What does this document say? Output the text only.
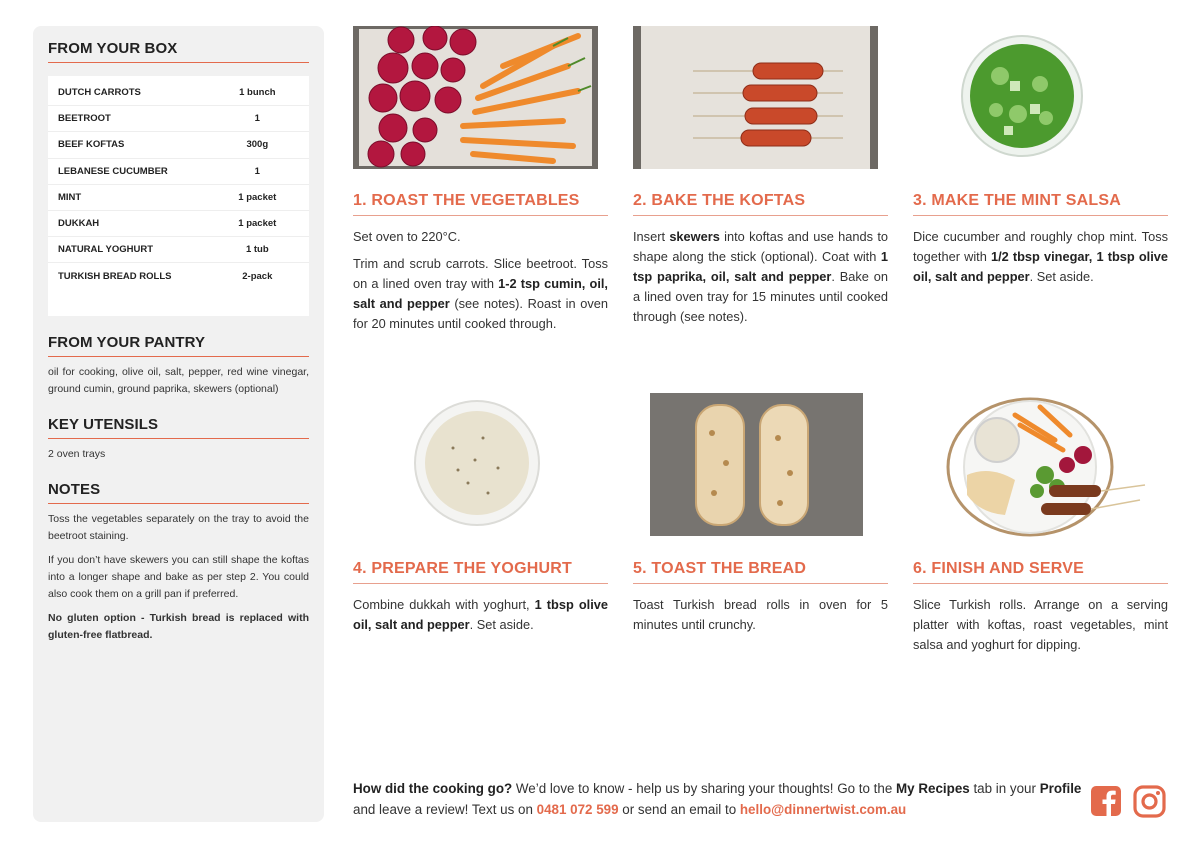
FROM YOUR BOX
DUTCH CARROTS	1 bunch
BEETROOT	1
BEEF KOFTAS	300g
LEBANESE CUCUMBER	1
MINT	1 packet
DUKKAH	1 packet
NATURAL YOGHURT	1 tub
TURKISH BREAD ROLLS	2-pack
FROM YOUR PANTRY

oil for cooking, olive oil, salt, pepper, red wine vinegar, ground cumin, ground paprika, skewers (optional)

KEY UTENSILS

2 oven trays

NOTES

Toss the vegetables separately on the tray to avoid the beetroot staining.

If you don’t have skewers you can still shape the koftas into a longer shape and bake as per step 2. You could also cook them on a grill pan if preferred.

No gluten option - Turkish bread is replaced with gluten-free flatbread.

1. ROAST THE VEGETABLES

Set oven to 220°C.

Trim and scrub carrots. Slice beetroot. Toss on a lined oven tray with 1-2 tsp cumin, oil, salt and pepper (see notes). Roast in oven for 20 minutes until cooked through.

2. BAKE THE KOFTAS

Insert skewers into koftas and use hands to shape along the stick (optional). Coat with 1 tsp paprika, oil, salt and pepper. Bake on a lined oven tray for 15 minutes until cooked through (see notes).

3. MAKE THE MINT SALSA

Dice cucumber and roughly chop mint. Toss together with 1/2 tbsp vinegar, 1 tbsp olive oil, salt and pepper. Set aside.

4. PREPARE THE YOGHURT

Combine dukkah with yoghurt, 1 tbsp olive oil, salt and pepper. Set aside.

5. TOAST THE BREAD

Toast Turkish bread rolls in oven for 5 minutes until crunchy.

6. FINISH AND SERVE

Slice Turkish rolls. Arrange on a serving platter with koftas, roast vegetables, mint salsa and yoghurt for dipping.

How did the cooking go? We’d love to know - help us by sharing your thoughts! Go to the My Recipes tab in your Profile and leave a review! Text us on 0481 072 599 or send an email to hello@dinnertwist.com.au
